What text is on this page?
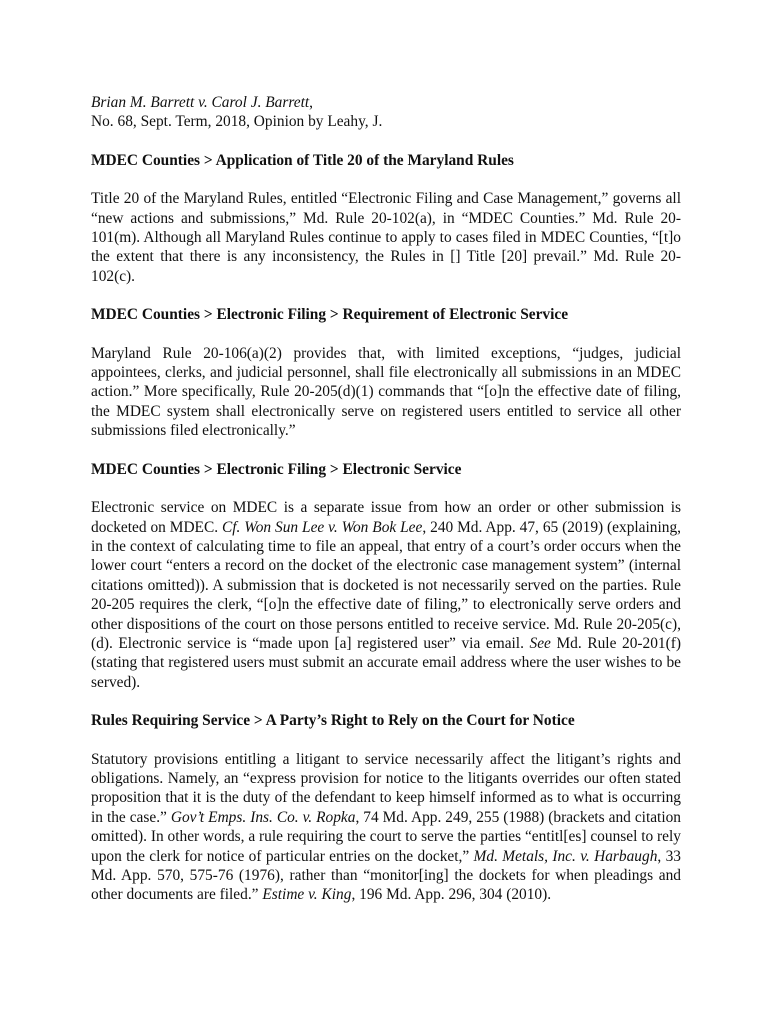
Brian M. Barrett v. Carol J. Barrett,

No. 68, Sept. Term, 2018, Opinion by Leahy, J.

MDEC Counties > Application of Title 20 of the Maryland Rules

Title 20 of the Maryland Rules, entitled “Electronic Filing and Case Management,” governs all “new actions and submissions,” Md. Rule 20-102(a), in “MDEC Counties.” Md. Rule 20-101(m). Although all Maryland Rules continue to apply to cases filed in MDEC Counties, “[t]o the extent that there is any inconsistency, the Rules in [] Title [20] prevail.” Md. Rule 20-102(c).

MDEC Counties > Electronic Filing > Requirement of Electronic Service

Maryland Rule 20-106(a)(2) provides that, with limited exceptions, “judges, judicial appointees, clerks, and judicial personnel, shall file electronically all submissions in an MDEC action.” More specifically, Rule 20-205(d)(1) commands that “[o]n the effective date of filing, the MDEC system shall electronically serve on registered users entitled to service all other submissions filed electronically.”

MDEC Counties > Electronic Filing > Electronic Service

Electronic service on MDEC is a separate issue from how an order or other submission is docketed on MDEC. Cf. Won Sun Lee v. Won Bok Lee, 240 Md. App. 47, 65 (2019) (explaining, in the context of calculating time to file an appeal, that entry of a court’s order occurs when the lower court “enters a record on the docket of the electronic case management system” (internal citations omitted)). A submission that is docketed is not necessarily served on the parties. Rule 20-205 requires the clerk, “[o]n the effective date of filing,” to electronically serve orders and other dispositions of the court on those persons entitled to receive service. Md. Rule 20-205(c), (d). Electronic service is “made upon [a] registered user” via email. See Md. Rule 20-201(f) (stating that registered users must submit an accurate email address where the user wishes to be served).

Rules Requiring Service > A Party’s Right to Rely on the Court for Notice

Statutory provisions entitling a litigant to service necessarily affect the litigant’s rights and obligations. Namely, an “express provision for notice to the litigants overrides our often stated proposition that it is the duty of the defendant to keep himself informed as to what is occurring in the case.” Gov’t Emps. Ins. Co. v. Ropka, 74 Md. App. 249, 255 (1988) (brackets and citation omitted). In other words, a rule requiring the court to serve the parties “entitl[es] counsel to rely upon the clerk for notice of particular entries on the docket,” Md. Metals, Inc. v. Harbaugh, 33 Md. App. 570, 575-76 (1976), rather than “monitor[ing] the dockets for when pleadings and other documents are filed.” Estime v. King, 196 Md. App. 296, 304 (2010).
